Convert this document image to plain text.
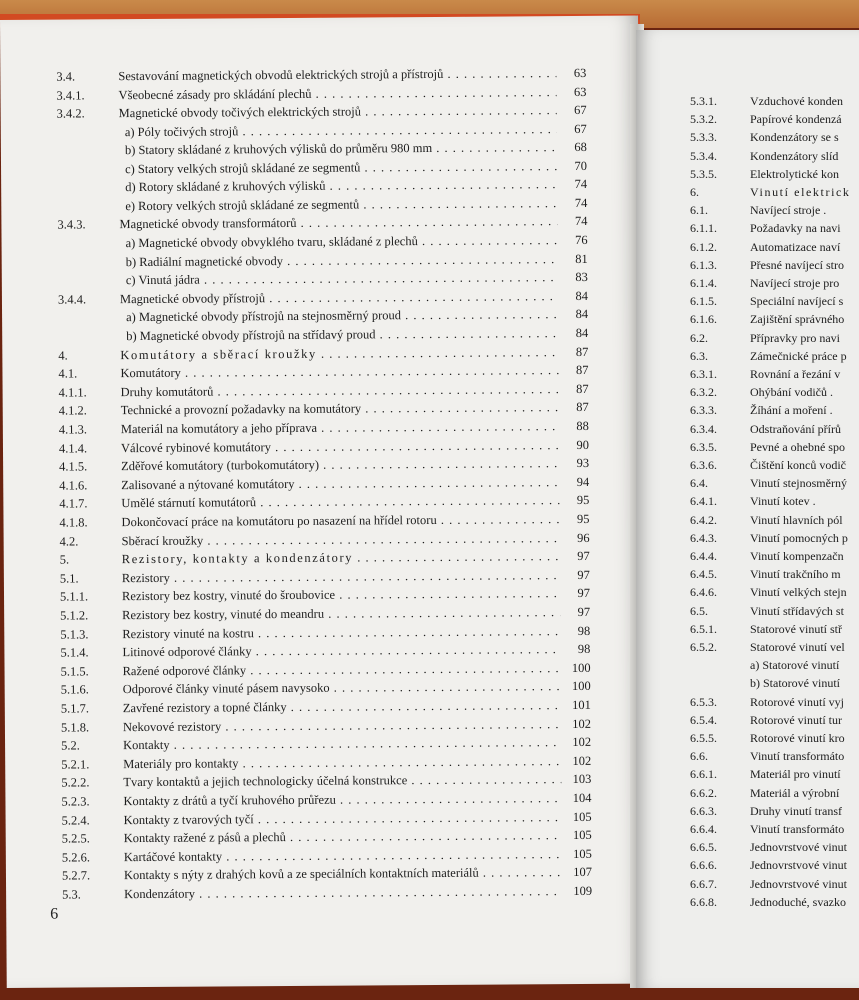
3.4.	Sestavování magnetických obvodů elektrických strojů a přístrojů . . .	63
3.4.1.	Všeobecné zásady pro skládání plechů . . .	63
3.4.2.	Magnetické obvody točivých elektrických strojů . . .	67
a) Póly točivých strojů . . .	67
b) Statory skládané z kruhových výlisků do průměru 980 mm . . .	68
c) Statory velkých strojů skládané ze segmentů . . .	70
d) Rotory skládané z kruhových výlisků . . .	74
e) Rotory velkých strojů skládané ze segmentů . . .	74
3.4.3.	Magnetické obvody transformátorů . . .	74
a) Magnetické obvody obvyklého tvaru, skládané z plechů . . .	76
b) Radiální magnetické obvody . . .	81
c) Vinutá jádra . . .	83
3.4.4.	Magnetické obvody přístrojů . . .	84
a) Magnetické obvody přístrojů na stejnosměrný proud . . .	84
b) Magnetické obvody přístrojů na střídavý proud . . .	84
4.	Komutátory a sběrací kroužky . . .	87
4.1.	Komutátory . . .	87
4.1.1.	Druhy komutátorů . . .	87
4.1.2.	Technické a provozní požadavky na komutátory . . .	87
4.1.3.	Materiál na komutátory a jeho příprava . . .	88
4.1.4.	Válcové rybinové komutátory . . .	90
4.1.5.	Zděřové komutátory (turbokomutátory) . . .	93
4.1.6.	Zalisované a nýtované komutátory . . .	94
4.1.7.	Umělé stárnutí komutátorů . . .	95
4.1.8.	Dokončovací práce na komutátoru po nasazení na hřídel rotoru . . .	95
4.2.	Sběrací kroužky . . .	96
5.	Rezistory, kontakty a kondenzátory . . .	97
5.1.	Rezistory . . .	97
5.1.1.	Rezistory bez kostry, vinuté do šroubovice . . .	97
5.1.2.	Rezistory bez kostry, vinuté do meandru . . .	97
5.1.3.	Rezistory vinuté na kostru . . .	98
5.1.4.	Litinové odporové články . . .	98
5.1.5.	Ražené odporové články . . .	100
5.1.6.	Odporové články vinuté pásem navysoko . . .	100
5.1.7.	Zavřené rezistory a topné články . . .	101
5.1.8.	Nekovové rezistory . . .	102
5.2.	Kontakty . . .	102
5.2.1.	Materiály pro kontakty . . .	102
5.2.2.	Tvary kontaktů a jejich technologicky účelná konstrukce . . .	103
5.2.3.	Kontakty z drátů a tyčí kruhového průřezu . . .	104
5.2.4.	Kontakty z tvarových tyčí . . .	105
5.2.5.	Kontakty ražené z pásů a plechů . . .	105
5.2.6.	Kartáčové kontakty . . .	105
5.2.7.	Kontakty s nýty z drahých kovů a ze speciálních kontaktních materiálů . . .	107
5.3.	Kondenzátory . . .	109
6
5.3.1.	Vzduchové konden
5.3.2.	Papírové kondenzá
5.3.3.	Kondenzátory se s
5.3.4.	Kondenzátory slíd
5.3.5.	Elektrolytické kon
6.	Vinutí elektrick
6.1.	Navíjecí stroje .
6.1.1.	Požadavky na navi
6.1.2.	Automatizace naví
6.1.3.	Přesné navíjecí stro
6.1.4.	Navíjecí stroje pro
6.1.5.	Speciální navíjecí s
6.1.6.	Zajištění správného
6.2.	Přípravky pro navi
6.3.	Zámečnické práce p
6.3.1.	Rovnání a řezání v
6.3.2.	Ohýbání vodičů .
6.3.3.	Žíhání a moření .
6.3.4.	Odstraňování přírů
6.3.5.	Pevné a ohebné spo
6.3.6.	Čištění konců vodič
6.4.	Vinutí stejnosměrný
6.4.1.	Vinutí kotev .
6.4.2.	Vinutí hlavních pól
6.4.3.	Vinutí pomocných p
6.4.4.	Vinutí kompenzačn
6.4.5.	Vinutí trakčního m
6.4.6.	Vinutí velkých stejn
6.5.	Vinutí střídavých st
6.5.1.	Statorové vinutí stř
6.5.2.	Statorové vinutí vel
a) Statorové vinutí
b) Statorové vinutí
6.5.3.	Rotorové vinutí vyj
6.5.4.	Rotorové vinutí tur
6.5.5.	Rotorové vinutí kro
6.6.	Vinutí transformáto
6.6.1.	Materiál pro vinutí
6.6.2.	Materiál a výrobní
6.6.3.	Druhy vinutí transf
6.6.4.	Vinutí transformáto
6.6.5.	Jednovrstvové vinut
6.6.6.	Jednovrstvové vinut
6.6.7.	Jednovrstvové vinut
6.6.8.	Jednoduché, svazko
